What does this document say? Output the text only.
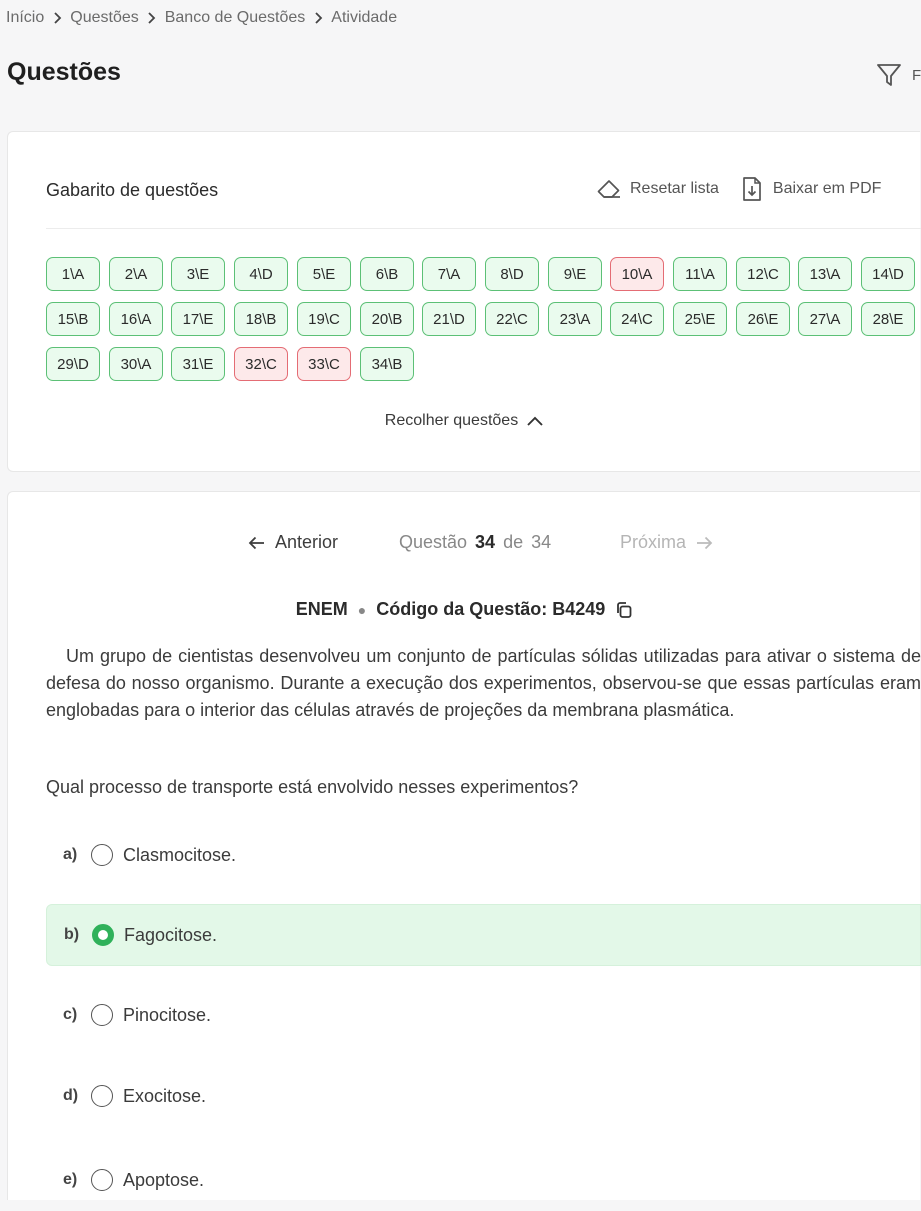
Início Questões Banco de Questões Atividade
Questões	F
Gabarito de questões	Resetar lista	Baixar em PDF
1\A	2\A	3\E	4\D	5\E	6\B	7\A	8\D	9\E	10\A	11\A	12\C	13\A	14\D
15\B	16\A	17\E	18\B	19\C	20\B	21\D	22\C	23\A	24\C	25\E	26\E	27\A	28\E
29\D	30\A	31\E	32\C	33\C	34\B
Recolher questões
Anterior	Questão 34 de 34	Próxima
ENEM ● Código da Questão: B4249

Um grupo de cientistas desenvolveu um conjunto de partículas sólidas utilizadas para ativar o sistema de defesa do nosso organismo. Durante a execução dos experimentos, observou-se que essas partículas eram englobadas para o interior das células através de projeções da membrana plasmática.

Qual processo de transporte está envolvido nesses experimentos?

a)	Clasmocitose.
b)	Fagocitose.
c)	Pinocitose.
d)	Exocitose.
e)	Apoptose.
